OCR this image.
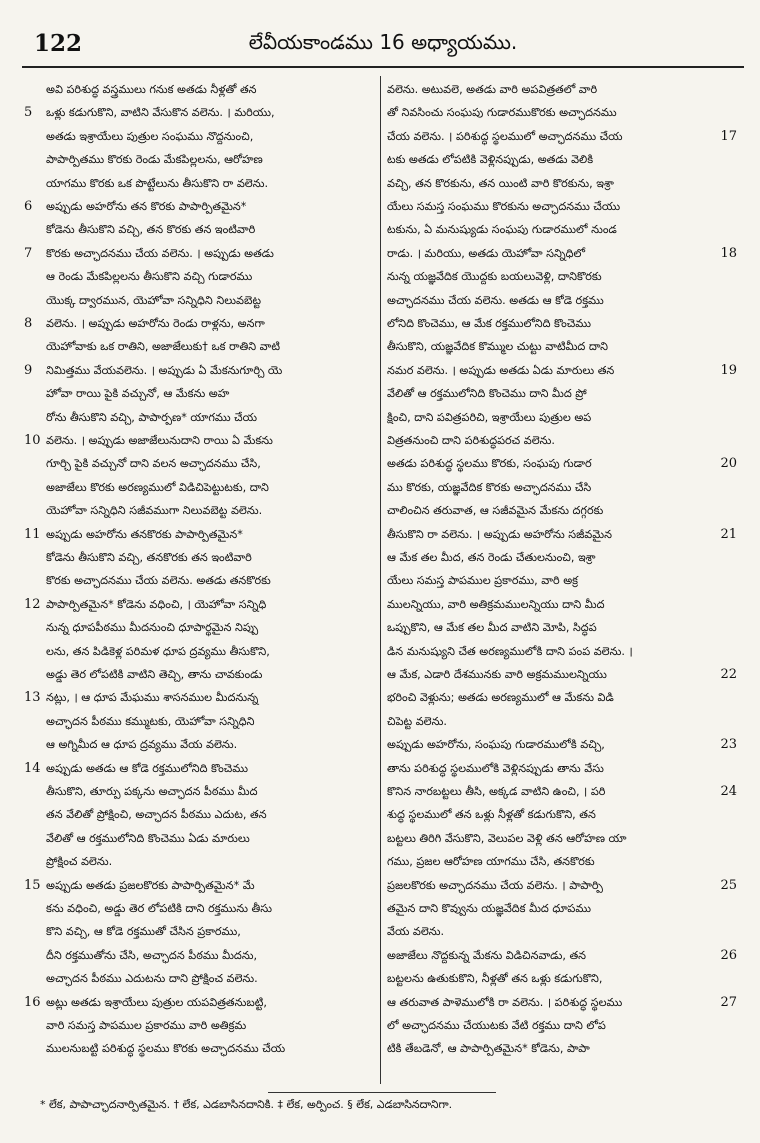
122	లేవీయకాండము 16 అధ్యాయము.
అవి పరిశుద్ధ వస్త్రములు గనుక అతడు నీళ్లతో తన
5	ఒళ్లు కడుగుకొని, వాటిని వేసుకొన వలెను. । మరియు,
అతడు ఇశ్రాయేలు పుత్రుల సంఘము నొద్దనుంచి,
పాపార్పితము కొరకు రెండు మేకపిల్లలను, ఆరోహణ
యాగము కొరకు ఒక పొట్టేలును తీసుకొని రా వలెను.
6	అప్పుడు అహరోను తన కొరకు పాపార్పితమైన*
కోడెను తీసుకొని వచ్చి, తన కొరకు తన ఇంటివారి
7	కొరకు అచ్ఛాదనము చేయ వలెను. । అప్పుడు అతడు
ఆ రెండు మేకపిల్లలను తీసుకొని వచ్చి గుడారము
యొక్క ద్వారమున, యెహోవా సన్నిధిని నిలువబెట్ట
8	వలెను. । అప్పుడు అహరోను రెండు రాళ్లను, అనగా
యెహోవాకు ఒక రాతిని, అజాజేలుకు† ఒక రాతిని వాటి
9	నిమిత్తము వేయవలెను. । అప్పుడు ఏ మేకనుగూర్చి యె
హోవా రాయి పైకి వచ్చునో, ఆ మేకను అహ
రోను తీసుకొని వచ్చి, పాపార్పణ* యాగము చేయ
10 వలెను. । అప్పుడు అజాజేలునుదాని రాయి ఏ మేకను
గూర్చి పైకి వచ్చునో దాని వలన అచ్ఛాదనము చేసి,
అజాజేలు కొరకు అరణ్యములో విడిచిపెట్టుటకు, దాని
యెహోవా సన్నిధిని సజీవముగా నిలువబెట్ట వలెను.
11 అప్పుడు అహరోను తనకొరకు పాపార్పితమైన*
కోడెను తీసుకొని వచ్చి, తనకొరకు తన ఇంటివారి
కొరకు అచ్ఛాదనము చేయ వలెను. అతడు తనకొరకు
12 పాపార్పితమైన* కోడెను వధించి, । యెహోవా సన్నిధి
నున్న ధూపపీఠము మీదనుంచి ధూపార్థమైన నిప్పు
లను, తన పిడికెళ్ల పరిమళ ధూప ద్రవ్యము తీసుకొని,
అడ్డు తెర లోపటికి వాటిని తెచ్చి, తాను చావకుండు
13 నట్లు, । ఆ ధూప మేఘము శాసనముల మీదనున్న
అచ్ఛాదన పీఠము కమ్ముటకు, యెహోవా సన్నిధిని
ఆ అగ్నిమీద ఆ ధూప ద్రవ్యము వేయ వలెను.
14 అప్పుడు అతడు ఆ కోడె రక్తములోనిది కొంచెము
తీసుకొని, తూర్పు పక్కను అచ్ఛాదన పీఠము మీద
తన వేలితో ప్రోక్షించి, అచ్ఛాదన పీఠము ఎదుట, తన
వేలితో ఆ రక్తములోనిది కొంచెము ఏడు మారులు
ప్రోక్షించ వలెను.
15 అప్పుడు అతడు ప్రజలకొరకు పాపార్పితమైన* మే
కను వధించి, అడ్డు తెర లోపటికి దాని రక్తమును తీసు
కొని వచ్చి, ఆ కోడె రక్తముతో చేసిన ప్రకారము,
దీని రక్తముతోను చేసి, అచ్ఛాదన పీఠము మీదను,
అచ్ఛాదన పీఠము ఎదుటను దాని ప్రోక్షించ వలెను.
16 అట్లు అతడు ఇశ్రాయేలు పుత్రుల యపవిత్రతనుబట్టి,
వారి సమస్త పాపముల ప్రకారము వారి అతిక్రమ
ములనుబట్టి పరిశుద్ధ స్థలము కొరకు అచ్ఛాదనము చేయ
వలెను. అటువలె, అతడు వారి అపవిత్రతలో వారి
తో నివసించు సంఘపు గుడారముకొరకు అచ్ఛాదనము
17
చేయ వలెను. । పరిశుద్ధ స్థలములో అచ్ఛాదనము చేయ
టకు అతడు లోపటికి వెళ్లినప్పుడు, అతడు వెలికి
వచ్చి, తన కొరకును, తన యింటి వారి కొరకును, ఇశ్రా
యేలు సమస్త సంఘము కొరకును అచ్ఛాదనము చేయు
టకును, ఏ మనుష్యుడు సంఘపు గుడారములో నుండ
18
రాడు. । మరియు, అతడు యెహోవా సన్నిధిలో
నున్న యజ్ఞవేదిక యొద్దకు బయలువెళ్లి, దానికొరకు
అచ్ఛాదనము చేయ వలెను. అతడు ఆ కోడె రక్తము
లోనిది కొంచెము, ఆ మేక రక్తములోనిది కొంచెము
తీసుకొని, యజ్ఞవేదిక కొమ్ముల చుట్టు వాటిమీద దాని
19
నమర వలెను. । అప్పుడు అతడు ఏడు మారులు తన
వేలితో ఆ రక్తములోనిది కొంచెము దాని మీద ప్రో
క్షించి, దాని పవిత్రపరిచి, ఇశ్రాయేలు పుత్రుల అప
విత్రతనుంచి దాని పరిశుద్ధపరచ వలెను.
20
అతడు పరిశుద్ధ స్థలము కొరకు, సంఘపు గుడార
ము కొరకు, యజ్ఞవేదిక కొరకు అచ్ఛాదనము చేసి
చాలించిన తరువాత, ఆ సజీవమైన మేకను దగ్గరకు
21
తీసుకొని రా వలెను. । అప్పుడు అహరోను సజీవమైన
ఆ మేక తల మీద, తన రెండు చేతులనుంచి, ఇశ్రా
యేలు సమస్త పాపముల ప్రకారము, వారి అక్ర
ములన్నియు, వారి అతిక్రమములన్నియు దాని మీద
ఒప్పుకొని, ఆ మేక తల మీద వాటిని మోపి, సిద్ధప
డిన మనుష్యుని చేత అరణ్యములోకి దాని పంప వలెను. ।
22
ఆ మేక, ఎడారి దేశమునకు వారి అక్రమములన్నియు
భరించి వెళ్లును; అతడు అరణ్యములో ఆ మేకను విడి
చిపెట్ట వలెను.
23
అప్పుడు అహరోను, సంఘపు గుడారములోకి వచ్చి,
తాను పరిశుద్ధ స్థలములోకి వెళ్లినప్పుడు తాను వేసు
24
కొనిన నారబట్టలు తీసి, అక్కడ వాటిని ఉంచి, । పరి
శుద్ధ స్థలములో తన ఒళ్లు నీళ్లతో కడుగుకొని, తన
బట్టలు తిరిగి వేసుకొని, వెలుపల వెళ్లి తన ఆరోహణ యా
గము, ప్రజల ఆరోహణ యాగము చేసి, తనకొరకు
25
ప్రజలకొరకు అచ్ఛాదనము చేయ వలెను. । పాపార్పి
తమైన దాని కొవ్వును యజ్ఞవేదిక మీద ధూపము
వేయ వలెను.
26
అజాజేలు నొద్దకున్న మేకను విడిచినవాడు, తన
బట్టలను ఉతుకుకొని, నీళ్లతో తన ఒళ్లు కడుగుకొని,
27
ఆ తరువాత పాళెములోకి రా వలెను. । పరిశుద్ధ స్థలము
లో అచ్ఛాదనము చేయుటకు వేటి రక్తము దాని లోప
టికి తేబడెనో, ఆ పాపార్పితమైన* కోడెను, పాపా
* లేక, పాపాచ్ఛాదనార్పితమైన. † లేక, ఎడబాసినదానికి. ‡ లేక, అర్పించ. § లేక, ఎడబాసినదానిగా.
